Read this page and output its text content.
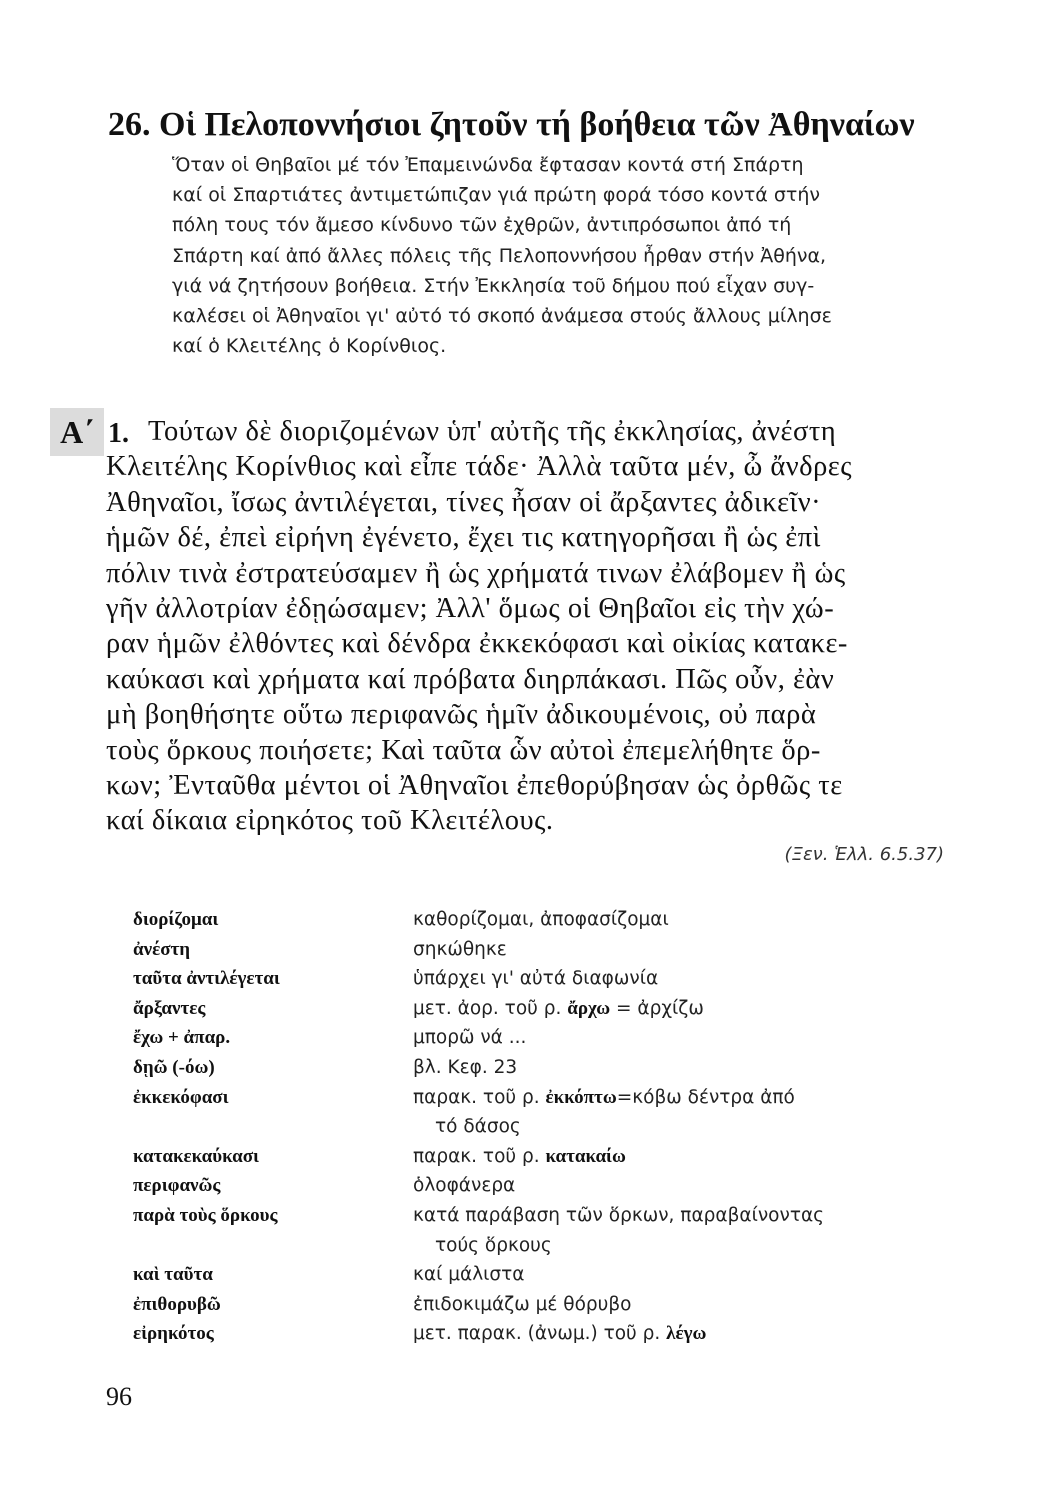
26. Οἱ Πελοποννήσιοι ζητοῦν τή βοήθεια τῶν Ἀθηναίων
Ὅταν οἱ Θηβαῖοι μέ τόν Ἐπαμεινώνδα ἔφτασαν κοντά στή Σπάρτη
καί οἱ Σπαρτιάτες ἀντιμετώπιζαν γιά πρώτη φορά τόσο κοντά στήν
πόλη τους τόν ἄμεσο κίνδυνο τῶν ἐχθρῶν, ἀντιπρόσωποι ἀπό τή
Σπάρτη καί ἀπό ἄλλες πόλεις τῆς Πελοποννήσου ἦρθαν στήν Ἀθήνα,
γιά νά ζητήσουν βοήθεια. Στήν Ἐκκλησία τοῦ δήμου πού εἶχαν συγ-
καλέσει οἱ Ἀθηναῖοι γι' αὐτό τό σκοπό ἀνάμεσα στούς ἄλλους μίλησε
καί ὁ Κλειτέλης ὁ Κορίνθιος.
Α΄ 1. Τούτων δὲ διοριζομένων ὑπ' αὐτῆς τῆς ἐκκλησίας, ἀνέστη
Κλειτέλης Κορίνθιος καὶ εἶπε τάδε· Ἀλλὰ ταῦτα μέν, ὦ ἄνδρες
Ἀθηναῖοι, ἴσως ἀντιλέγεται, τίνες ἦσαν οἱ ἄρξαντες ἀδικεῖν·
ἡμῶν δέ, ἐπεὶ εἰρήνη ἐγένετο, ἔχει τις κατηγορῆσαι ἢ ὡς ἐπὶ
πόλιν τινὰ ἐστρατεύσαμεν ἢ ὡς χρήματά τινων ἐλάβομεν ἢ ὡς
γῆν ἀλλοτρίαν ἐδῃώσαμεν; Ἀλλ' ὅμως οἱ Θηβαῖοι εἰς τὴν χώ-
ραν ἡμῶν ἐλθόντες καὶ δένδρα ἐκκεκόφασι καὶ οἰκίας κατακε-
καύκασι καὶ χρήματα καί πρόβατα διηρπάκασι. Πῶς οὖν, ἐὰν
μὴ βοηθήσητε οὕτω περιφανῶς ἡμῖν ἀδικουμένοις, οὐ παρὰ
τοὺς ὅρκους ποιήσετε; Καὶ ταῦτα ὧν αὐτοὶ ἐπεμελήθητε ὅρ-
κων; Ἐνταῦθα μέντοι οἱ Ἀθηναῖοι ἐπεθορύβησαν ὡς ὀρθῶς τε
καί δίκαια εἰρηκότος τοῦ Κλειτέλους.
(Ξεν. Ἑλλ. 6.5.37)
διορίζομαι	καθορίζομαι, ἀποφασίζομαι
ἀνέστη	σηκώθηκε
ταῦτα ἀντιλέγεται	ὑπάρχει γι' αὐτά διαφωνία
ἄρξαντες	μετ. ἀορ. τοῦ ρ. ἄρχω = ἀρχίζω
ἔχω + ἀπαρ.	μπορῶ νά ...
δῃῶ (-όω)	βλ. Κεφ. 23
ἐκκεκόφασι	παρακ. τοῦ ρ. ἐκκόπτω=κόβω δέντρα ἀπό
τό δάσος
κατακεκαύκασι	παρακ. τοῦ ρ. κατακαίω
περιφανῶς	ὁλοφάνερα
παρὰ τοὺς ὅρκους	κατά παράβαση τῶν ὅρκων, παραβαίνοντας
τούς ὅρκους
καὶ ταῦτα	καί μάλιστα
ἐπιθορυβῶ	ἐπιδοκιμάζω μέ θόρυβο
εἰρηκότος	μετ. παρακ. (ἀνωμ.) τοῦ ρ. λέγω
96
